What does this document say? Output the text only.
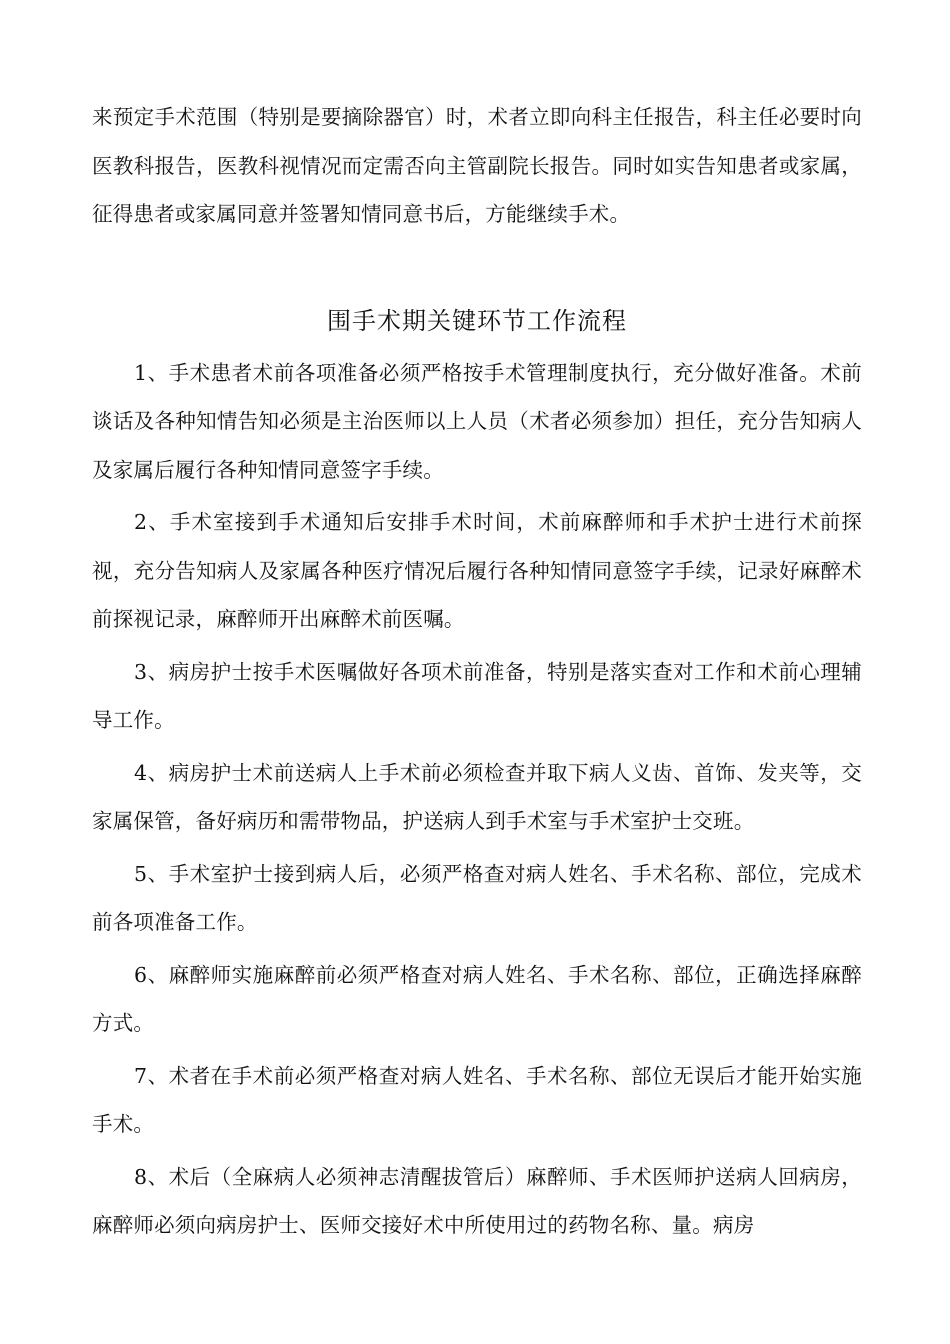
来预定手术范围（特别是要摘除器官）时，术者立即向科主任报告，科主任必要时向医教科报告，医教科视情况而定需否向主管副院长报告。同时如实告知患者或家属，征得患者或家属同意并签署知情同意书后，方能继续手术。

围手术期关键环节工作流程

1、手术患者术前各项准备必须严格按手术管理制度执行，充分做好准备。术前谈话及各种知情告知必须是主治医师以上人员（术者必须参加）担任，充分告知病人及家属后履行各种知情同意签字手续。

2、手术室接到手术通知后安排手术时间，术前麻醉师和手术护士进行术前探视，充分告知病人及家属各种医疗情况后履行各种知情同意签字手续，记录好麻醉术前探视记录，麻醉师开出麻醉术前医嘱。

3、病房护士按手术医嘱做好各项术前准备，特别是落实查对工作和术前心理辅导工作。

4、病房护士术前送病人上手术前必须检查并取下病人义齿、首饰、发夹等，交家属保管，备好病历和需带物品，护送病人到手术室与手术室护士交班。

5、手术室护士接到病人后，必须严格查对病人姓名、手术名称、部位，完成术前各项准备工作。

6、麻醉师实施麻醉前必须严格查对病人姓名、手术名称、部位，正确选择麻醉方式。

7、术者在手术前必须严格查对病人姓名、手术名称、部位无误后才能开始实施手术。

8、术后（全麻病人必须神志清醒拔管后）麻醉师、手术医师护送病人回病房，麻醉师必须向病房护士、医师交接好术中所使用过的药物名称、量。病房
